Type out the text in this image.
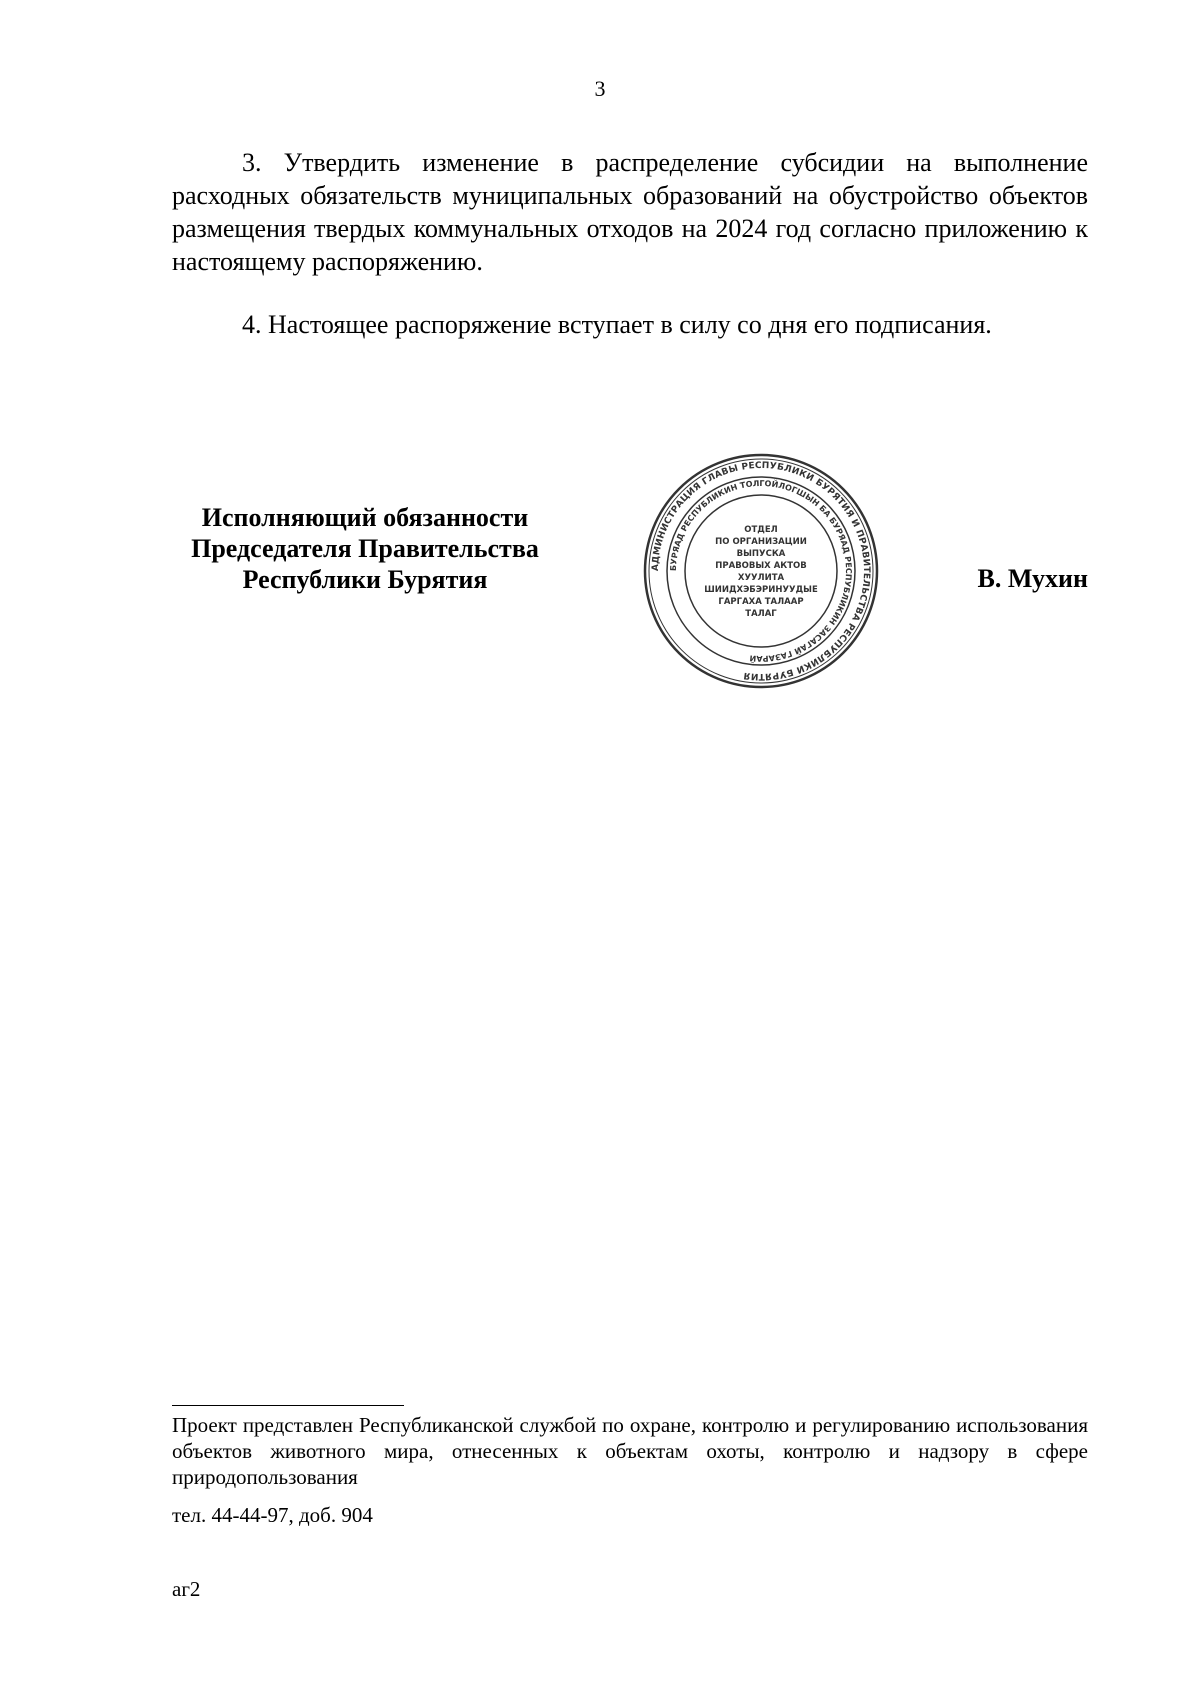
3

3. Утвердить изменение в распределение субсидии на выполнение расходных обязательств муниципальных образований на обустройство объектов размещения твердых коммунальных отходов на 2024 год согласно приложению к настоящему распоряжению.

4. Настоящее распоряжение вступает в силу со дня его подписания.

Исполняющий обязанности
Председателя Правительства
Республики Бурятия	АДМИНИСТРАЦИЯ ГЛАВЫ РЕСПУБЛИКИ БУРЯТИЯ И ПРАВИТЕЛЬСТВА РЕСПУБЛИКИ БУРЯТИЯ
БУРЯАД РЕСПУБЛИКИН ТОЛГОЙЛОГШЫН БА БУРЯАД РЕСПУБЛИКИН ЗАСАГАЙ ГАЗАРАЙ
ОТДЕЛ
ПО ОРГАНИЗАЦИИ
ВЫПУСКА
ПРАВОВЫХ АКТОВ
ХУУЛИТА
ШИИДХЭБЭРИНУУДЫЕ
ГАРГАХА ТАЛААР
ТАЛАГ
В. Мухин
Проект представлен Республиканской службой по охране, контролю и регулированию использования объектов животного мира, отнесенных к объектам охоты, контролю и надзору в сфере природопользования
тел. 44-44-97, доб. 904
аг2
